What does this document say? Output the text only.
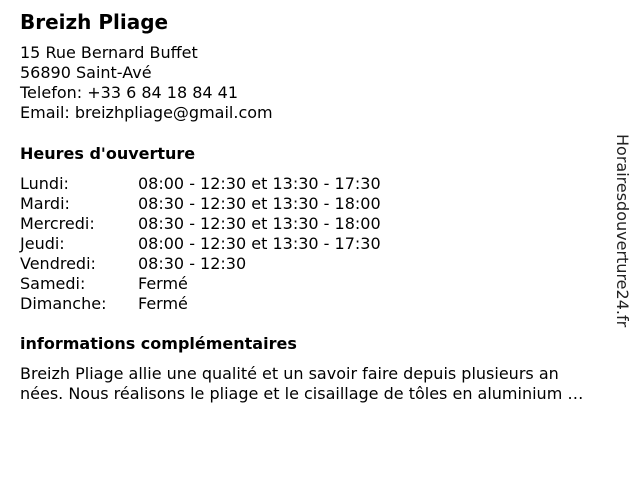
Breizh Pliage
15 Rue Bernard Buffet
56890 Saint-Avé
Telefon: +33 6 84 18 84 41
Email: breizhpliage@gmail.com
Heures d'ouverture
Lundi:	08:00 - 12:30 et 13:30 - 17:30
Mardi:	08:30 - 12:30 et 13:30 - 18:00
Mercredi:	08:30 - 12:30 et 13:30 - 18:00
Jeudi:	08:00 - 12:30 et 13:30 - 17:30
Vendredi:	08:30 - 12:30
Samedi:	Fermé
Dimanche:	Fermé
informations complémentaires
Breizh Pliage allie une qualité et un savoir faire depuis plusieurs an
nées. Nous réalisons le pliage et le cisaillage de tôles en aluminium …
Horairesdouverture24.fr
